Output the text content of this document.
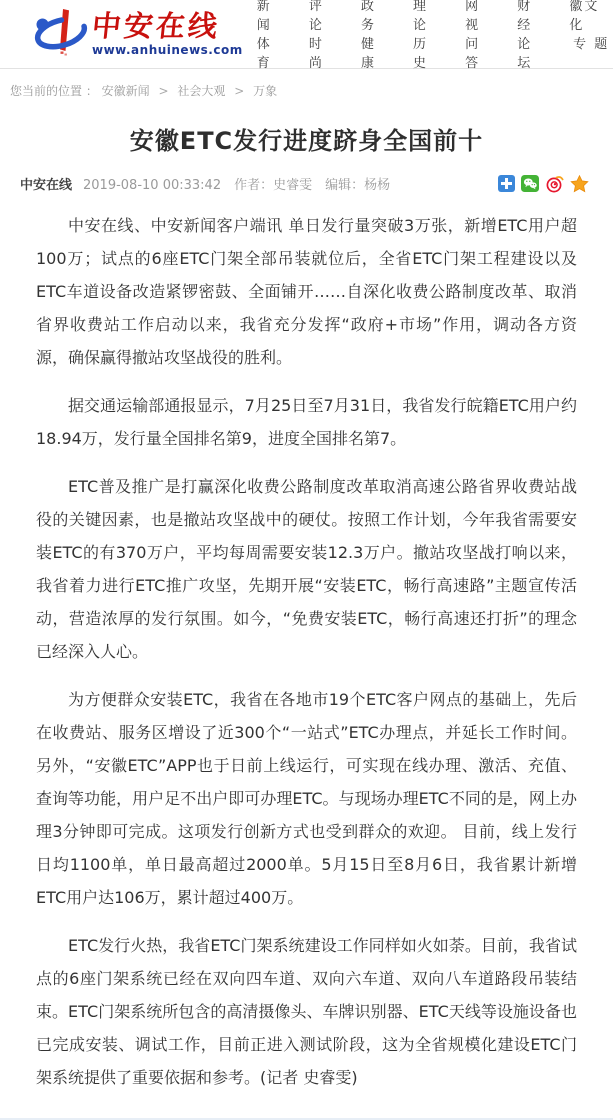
中安在线
www.anhuinews.com
新闻
体育
评论
时尚
政务
健康
理论
历史
网视
问答
财经
论坛
徽文化
专 题
您当前的位置 ： 安徽新闻 > 社会大观 > 万象
安徽ETC发行进度跻身全国前十
中安在线 2019-08-10 00:33:42 作者：史睿雯 编辑：杨杨

中安在线、中安新闻客户端讯 单日发行量突破3万张，新增ETC用户超100万；试点的6座ETC门架全部吊装就位后，全省ETC门架工程建设以及ETC车道设备改造紧锣密鼓、全面铺开……自深化收费公路制度改革、取消省界收费站工作启动以来，我省充分发挥“政府+市场”作用，调动各方资源，确保赢得撤站攻坚战役的胜利。

据交通运输部通报显示，7月25日至7月31日，我省发行皖籍ETC用户约18.94万，发行量全国排名第9，进度全国排名第7。

ETC普及推广是打赢深化收费公路制度改革取消高速公路省界收费站战役的关键因素，也是撤站攻坚战中的硬仗。按照工作计划，今年我省需要安装ETC的有370万户，平均每周需要安装12.3万户。撤站攻坚战打响以来，我省着力进行ETC推广攻坚，先期开展“安装ETC，畅行高速路”主题宣传活动，营造浓厚的发行氛围。如今，“免费安装ETC，畅行高速还打折”的理念已经深入人心。

为方便群众安装ETC，我省在各地市19个ETC客户网点的基础上，先后在收费站、服务区增设了近300个“一站式”ETC办理点，并延长工作时间。另外，“安徽ETC”APP也于日前上线运行，可实现在线办理、激活、充值、查询等功能，用户足不出户即可办理ETC。与现场办理ETC不同的是，网上办理3分钟即可完成。这项发行创新方式也受到群众的欢迎。 目前，线上发行日均1100单，单日最高超过2000单。5月15日至8月6日，我省累计新增ETC用户达106万，累计超过400万。

ETC发行火热，我省ETC门架系统建设工作同样如火如荼。目前，我省试点的6座门架系统已经在双向四车道、双向六车道、双向八车道路段吊装结束。ETC门架系统所包含的高清摄像头、车牌识别器、ETC天线等设施设备也已完成安装、调试工作，目前正进入测试阶段，这为全省规模化建设ETC门架系统提供了重要依据和参考。(记者 史睿雯)
